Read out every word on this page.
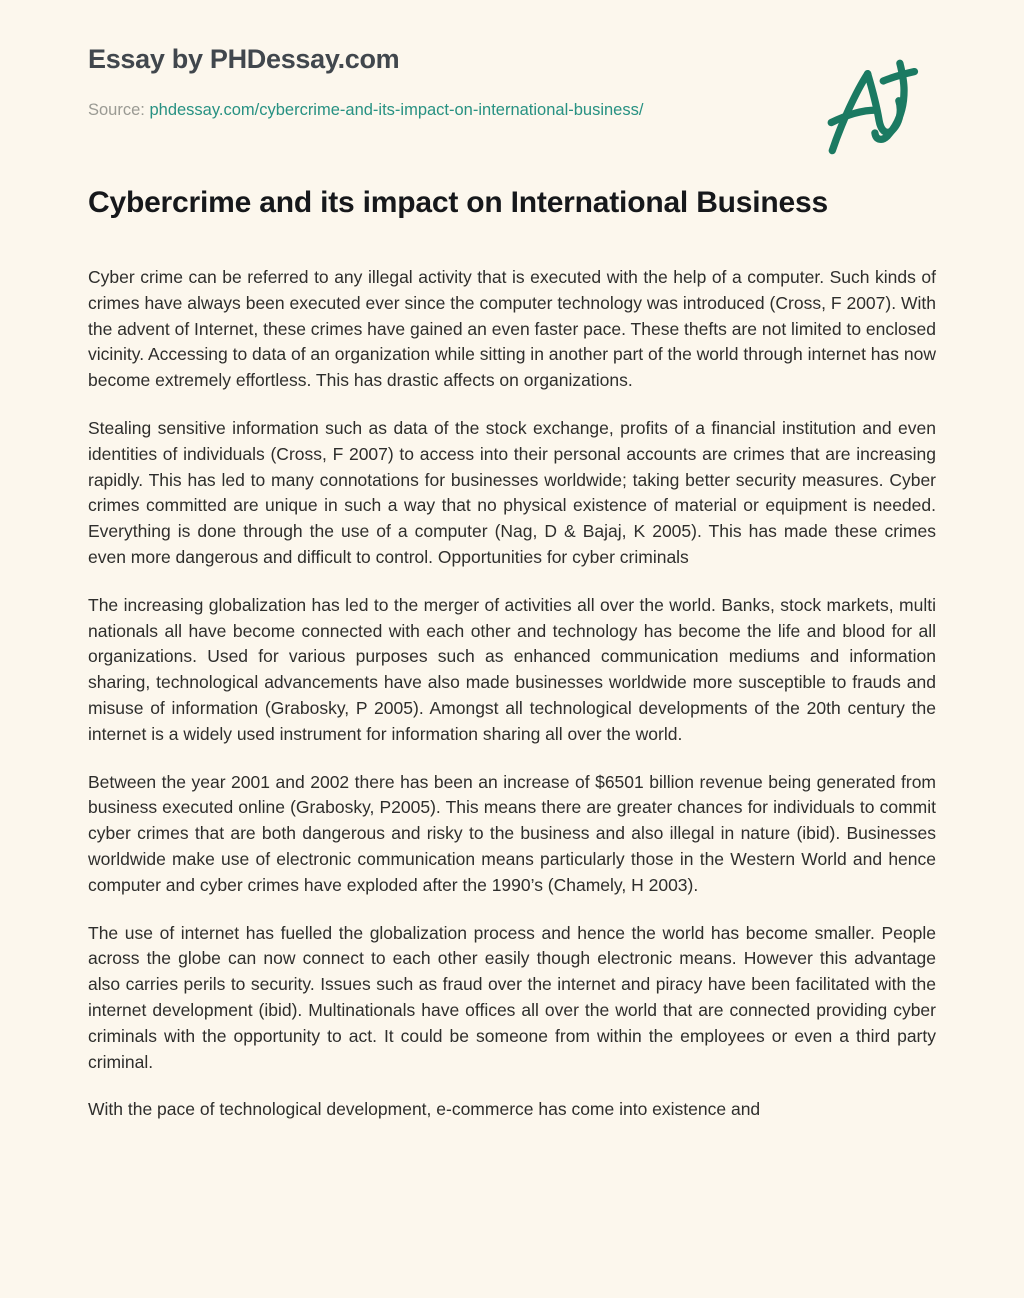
Essay by PHDessay.com

Source: phdessay.com/cybercrime-and-its-impact-on-international-business/

Cybercrime and its impact on International Business

Cyber crime can be referred to any illegal activity that is executed with the help of a computer. Such kinds of crimes have always been executed ever since the computer technology was introduced (Cross, F 2007). With the advent of Internet, these crimes have gained an even faster pace. These thefts are not limited to enclosed vicinity. Accessing to data of an organization while sitting in another part of the world through internet has now become extremely effortless. This has drastic affects on organizations.

Stealing sensitive information such as data of the stock exchange, profits of a financial institution and even identities of individuals (Cross, F 2007) to access into their personal accounts are crimes that are increasing rapidly. This has led to many connotations for businesses worldwide; taking better security measures. Cyber crimes committed are unique in such a way that no physical existence of material or equipment is needed. Everything is done through the use of a computer (Nag, D & Bajaj, K 2005). This has made these crimes even more dangerous and difficult to control. Opportunities for cyber criminals

The increasing globalization has led to the merger of activities all over the world. Banks, stock markets, multi nationals all have become connected with each other and technology has become the life and blood for all organizations. Used for various purposes such as enhanced communication mediums and information sharing, technological advancements have also made businesses worldwide more susceptible to frauds and misuse of information (Grabosky, P 2005). Amongst all technological developments of the 20th century the internet is a widely used instrument for information sharing all over the world.

Between the year 2001 and 2002 there has been an increase of $6501 billion revenue being generated from business executed online (Grabosky, P2005). This means there are greater chances for individuals to commit cyber crimes that are both dangerous and risky to the business and also illegal in nature (ibid). Businesses worldwide make use of electronic communication means particularly those in the Western World and hence computer and cyber crimes have exploded after the 1990’s (Chamely, H 2003).

The use of internet has fuelled the globalization process and hence the world has become smaller. People across the globe can now connect to each other easily though electronic means. However this advantage also carries perils to security. Issues such as fraud over the internet and piracy have been facilitated with the internet development (ibid). Multinationals have offices all over the world that are connected providing cyber criminals with the opportunity to act. It could be someone from within the employees or even a third party criminal.

With the pace of technological development, e-commerce has come into existence and
